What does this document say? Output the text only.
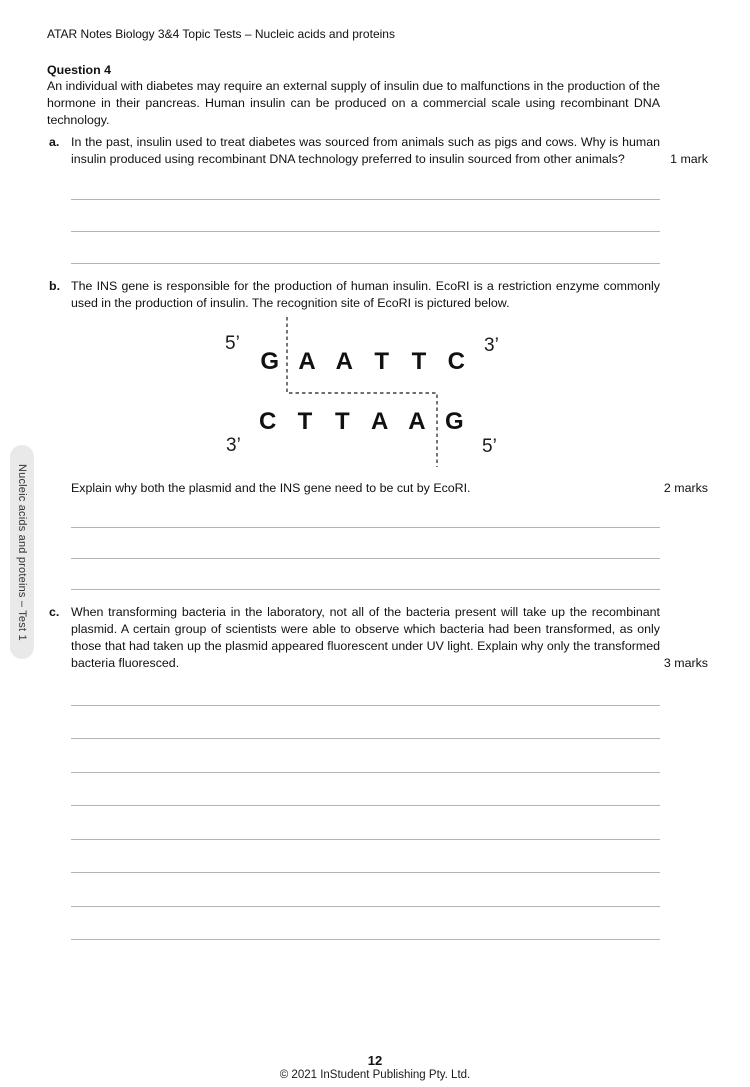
ATAR Notes Biology 3&4 Topic Tests – Nucleic acids and proteins
Question 4
An individual with diabetes may require an external supply of insulin due to malfunctions in the production of the hormone in their pancreas. Human insulin can be produced on a commercial scale using recombinant DNA technology.
a. In the past, insulin used to treat diabetes was sourced from animals such as pigs and cows. Why is human insulin produced using recombinant DNA technology preferred to insulin sourced from other animals?	1 mark
b. The INS gene is responsible for the production of human insulin. EcoRI is a restriction enzyme commonly used in the production of insulin. The recognition site of EcoRI is pictured below.
5’	3’
G A A T T C
C T T A A G
3’	5’
Explain why both the plasmid and the INS gene need to be cut by EcoRI.	2 marks
c. When transforming bacteria in the laboratory, not all of the bacteria present will take up the recombinant plasmid. A certain group of scientists were able to observe which bacteria had been transformed, as only those that had taken up the plasmid appeared fluorescent under UV light. Explain why only the transformed bacteria fluoresced.	3 marks
Nucleic acids and proteins – Test 1
12
© 2021 InStudent Publishing Pty. Ltd.
